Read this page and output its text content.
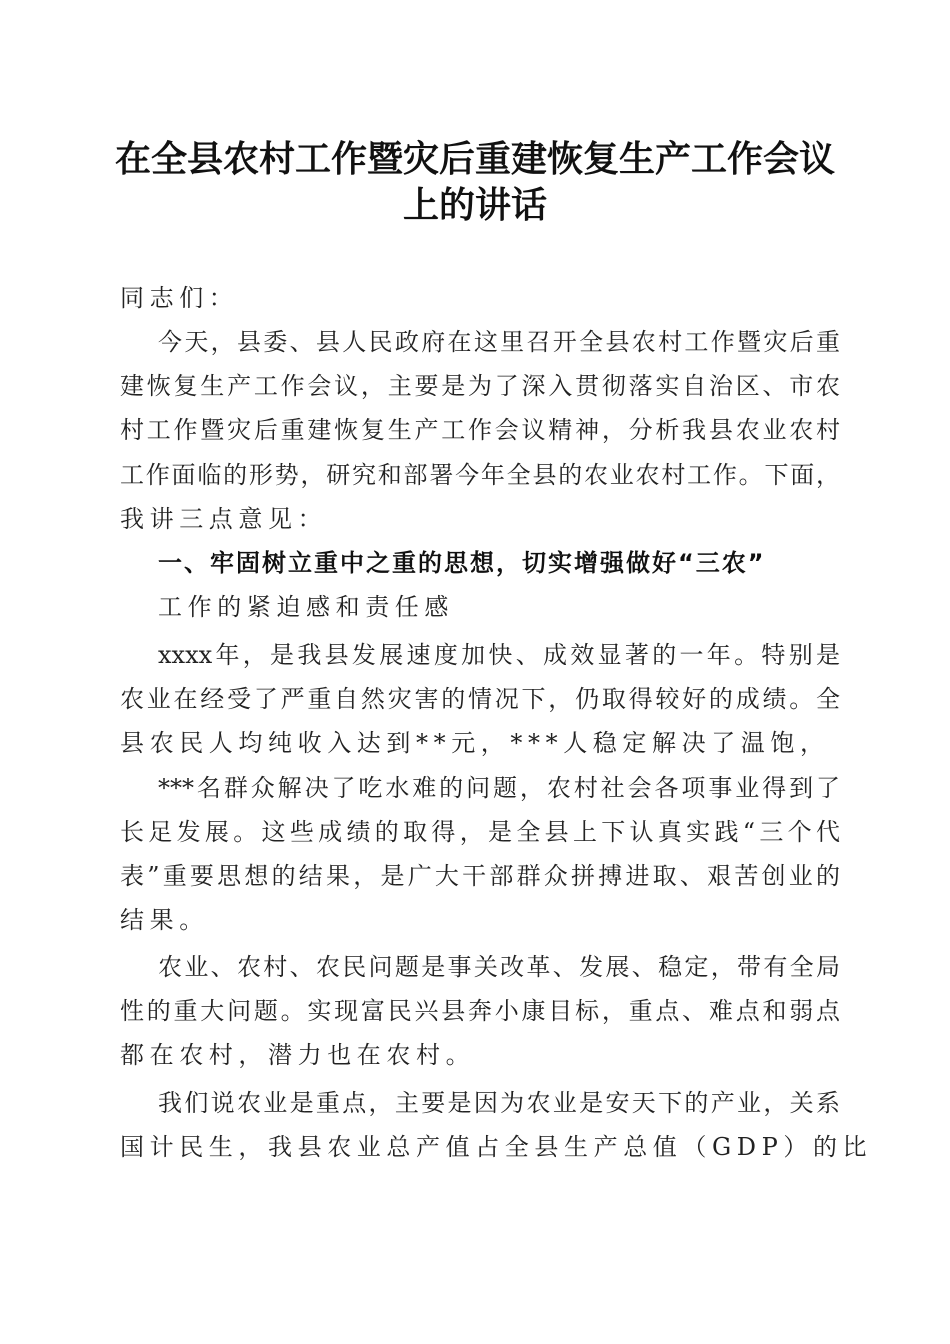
在全县农村工作暨灾后重建恢复生产工作会议
上的讲话
同志们：
今天，县委、县人民政府在这里召开全县农村工作暨灾后重
建恢复生产工作会议，主要是为了深入贯彻落实自治区、市农
村工作暨灾后重建恢复生产工作会议精神，分析我县农业农村
工作面临的形势，研究和部署今年全县的农业农村工作。下面，
我讲三点意见：
一、牢固树立重中之重的思想，切实增强做好“三农”
工作的紧迫感和责任感
xxxx年，是我县发展速度加快、成效显著的一年。特别是
农业在经受了严重自然灾害的情况下，仍取得较好的成绩。全
县农民人均纯收入达到**元，***人稳定解决了温饱，
***名群众解决了吃水难的问题，农村社会各项事业得到了
长足发展。这些成绩的取得，是全县上下认真实践“三个代
表”重要思想的结果，是广大干部群众拼搏进取、艰苦创业的
结果。
农业、农村、农民问题是事关改革、发展、稳定，带有全局
性的重大问题。实现富民兴县奔小康目标，重点、难点和弱点
都在农村，潜力也在农村。
我们说农业是重点，主要是因为农业是安天下的产业，关系
国计民生，我县农业总产值占全县生产总值（GDP）的比
